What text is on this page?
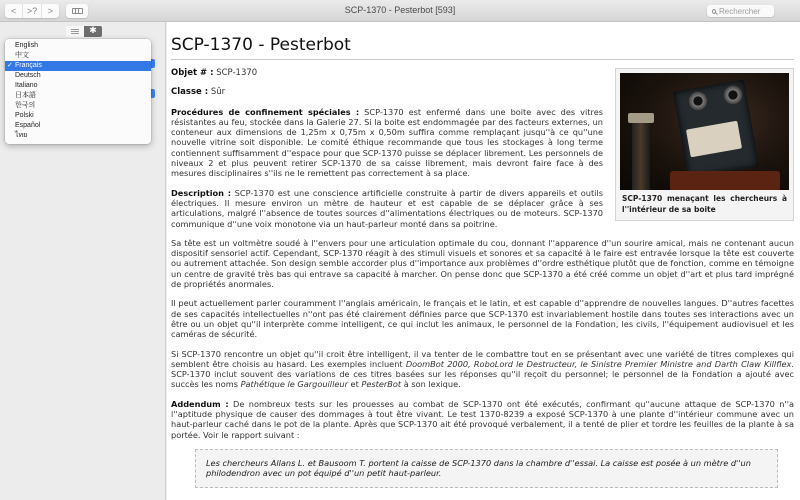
<	>?	>	SCP-1370 - Pesterbot [593]
Rechercher
✱
English
中文
✓ Français
Deutsch
Italiano
日本語
한국의
Polski
Español
ไทย
SCP-1370 - Pesterbot
SCP-1370 menaçant les chercheurs à l''intérieur de sa boite

Objet # : SCP-1370

Classe : Sûr

Procédures de confinement spéciales : SCP-1370 est enfermé dans une boite avec des vitres résistantes au feu, stockée dans la Galerie 27. Si la boite est endommagée par des facteurs externes, un conteneur aux dimensions de 1,25m x 0,75m x 0,50m suffira comme remplaçant jusqu''à ce qu''une nouvelle vitrine soit disponible. Le comité éthique recommande que tous les stockages à long terme contiennent suffisamment d''espace pour que SCP-1370 puisse se déplacer librement. Les personnels de niveaux 2 et plus peuvent retirer SCP-1370 de sa caisse librement, mais devront faire face à des mesures disciplinaires s''ils ne le remettent pas correctement à sa place.

Description : SCP-1370 est une conscience artificielle construite à partir de divers appareils et outils électriques. Il mesure environ un mètre de hauteur et est capable de se déplacer grâce à ses articulations, malgré l''absence de toutes sources d''alimentations électriques ou de moteurs. SCP-1370 communique d''une voix monotone via un haut-parleur monté dans sa poitrine.

Sa tête est un voltmètre soudé à l''envers pour une articulation optimale du cou, donnant l''apparence d''un sourire amical, mais ne contenant aucun dispositif sensoriel actif. Cependant, SCP-1370 réagit à des stimuli visuels et sonores et sa capacité à le faire est entravée lorsque la tête est couverte ou autrement attachée. Son design semble accorder plus d''importance aux problèmes d''ordre esthétique plutôt que de fonction, comme en témoigne un centre de gravité très bas qui entrave sa capacité à marcher. On pense donc que SCP-1370 a été créé comme un objet d''art et plus tard imprégné de propriétés anormales.

Il peut actuellement parler couramment l''anglais américain, le français et le latin, et est capable d''apprendre de nouvelles langues. D''autres facettes de ses capacités intellectuelles n''ont pas été clairement définies parce que SCP-1370 est invariablement hostile dans toutes ses interactions avec un être ou un objet qu''il interprète comme intelligent, ce qui inclut les animaux, le personnel de la Fondation, les civils, l''équipement audiovisuel et les caméras de sécurité.

Si SCP-1370 rencontre un objet qu''il croit être intelligent, il va tenter de le combattre tout en se présentant avec une variété de titres complexes qui semblent être choisis au hasard. Les exemples incluent DoomBot 2000, RoboLord le Destructeur, le Sinistre Premier Ministre and Darth Claw Killflex. SCP-1370 inclut souvent des variations de ces titres basées sur les réponses qu''il reçoit du personnel; le personnel de la Fondation a ajouté avec succès les noms Pathétique le Gargouilleur et PesterBot à son lexique.

Addendum : De nombreux tests sur les prouesses au combat de SCP-1370 ont été exécutés, confirmant qu''aucune attaque de SCP-1370 n''a l''aptitude physique de causer des dommages à tout être vivant. Le test 1370-8239 a exposé SCP-1370 à une plante d''intérieur commune avec un haut-parleur caché dans le pot de la plante. Après que SCP-1370 ait été provoqué verbalement, il a tenté de plier et tordre les feuilles de la plante à sa portée. Voir le rapport suivant :

Les chercheurs Allans L. et Bausoom T. portent la caisse de SCP-1370 dans la chambre d''essai. La caisse est posée à un mètre d''un philodendron avec un pot équipé d''un petit haut-parleur.
